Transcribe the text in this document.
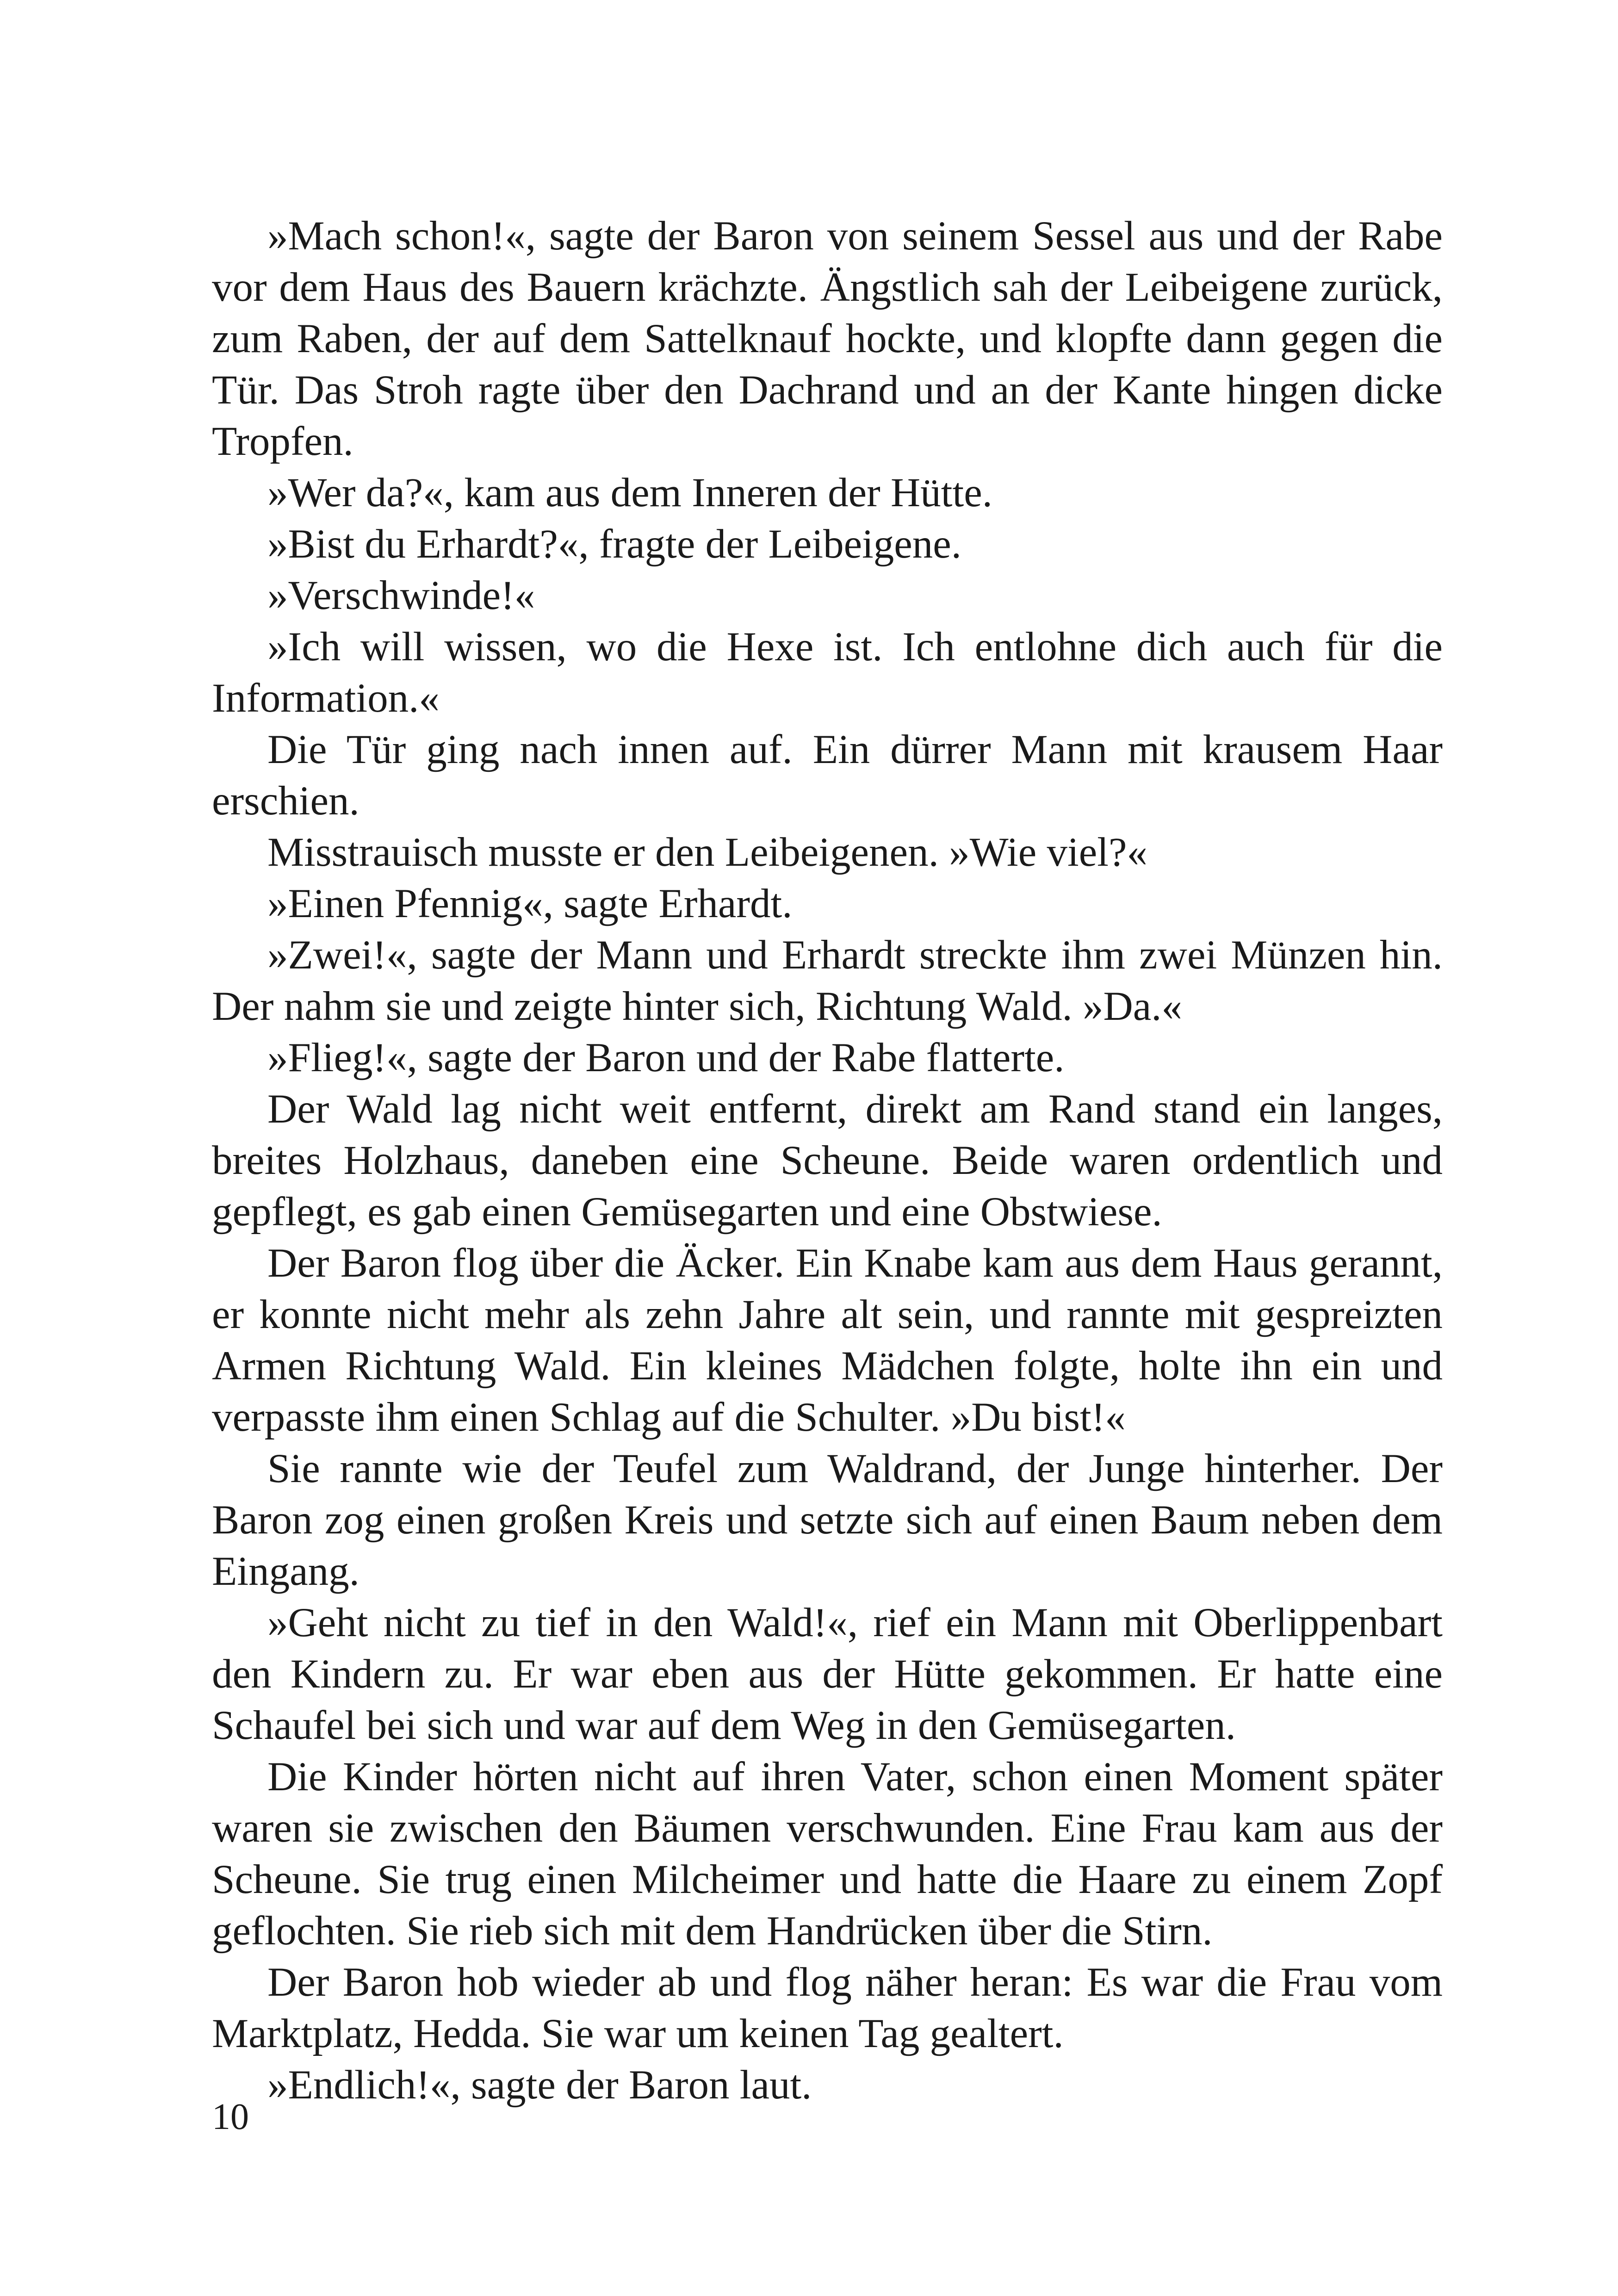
»Mach schon!«, sagte der Baron von seinem Sessel aus und der Rabe vor dem Haus des Bauern krächzte. Ängstlich sah der Leibeigene zurück, zum Raben, der auf dem Sattelknauf hockte, und klopfte dann gegen die Tür. Das Stroh ragte über den Dachrand und an der Kante hingen dicke Tropfen.

»Wer da?«, kam aus dem Inneren der Hütte.

»Bist du Erhardt?«, fragte der Leibeigene.

»Verschwinde!«

»Ich will wissen, wo die Hexe ist. Ich entlohne dich auch für die Information.«

Die Tür ging nach innen auf. Ein dürrer Mann mit krausem Haar erschien.

Misstrauisch musste er den Leibeigenen. »Wie viel?«

»Einen Pfennig«, sagte Erhardt.

»Zwei!«, sagte der Mann und Erhardt streckte ihm zwei Münzen hin. Der nahm sie und zeigte hinter sich, Richtung Wald. »Da.«

»Flieg!«, sagte der Baron und der Rabe flatterte.

Der Wald lag nicht weit entfernt, direkt am Rand stand ein langes, breites Holzhaus, daneben eine Scheune. Beide waren ordentlich und gepflegt, es gab einen Gemüsegarten und eine Obstwiese.

Der Baron flog über die Äcker. Ein Knabe kam aus dem Haus gerannt, er konnte nicht mehr als zehn Jahre alt sein, und rannte mit gespreizten Armen Richtung Wald. Ein kleines Mädchen folgte, holte ihn ein und verpasste ihm einen Schlag auf die Schulter. »Du bist!«

Sie rannte wie der Teufel zum Waldrand, der Junge hinterher. Der Baron zog einen großen Kreis und setzte sich auf einen Baum neben dem Eingang.

»Geht nicht zu tief in den Wald!«, rief ein Mann mit Oberlippenbart den Kindern zu. Er war eben aus der Hütte gekommen. Er hatte eine Schaufel bei sich und war auf dem Weg in den Gemüsegarten.

Die Kinder hörten nicht auf ihren Vater, schon einen Moment später waren sie zwischen den Bäumen verschwunden. Eine Frau kam aus der Scheune. Sie trug einen Milcheimer und hatte die Haare zu einem Zopf geflochten. Sie rieb sich mit dem Handrücken über die Stirn.

Der Baron hob wieder ab und flog näher heran: Es war die Frau vom Marktplatz, Hedda. Sie war um keinen Tag gealtert.

»Endlich!«, sagte der Baron laut.

10
